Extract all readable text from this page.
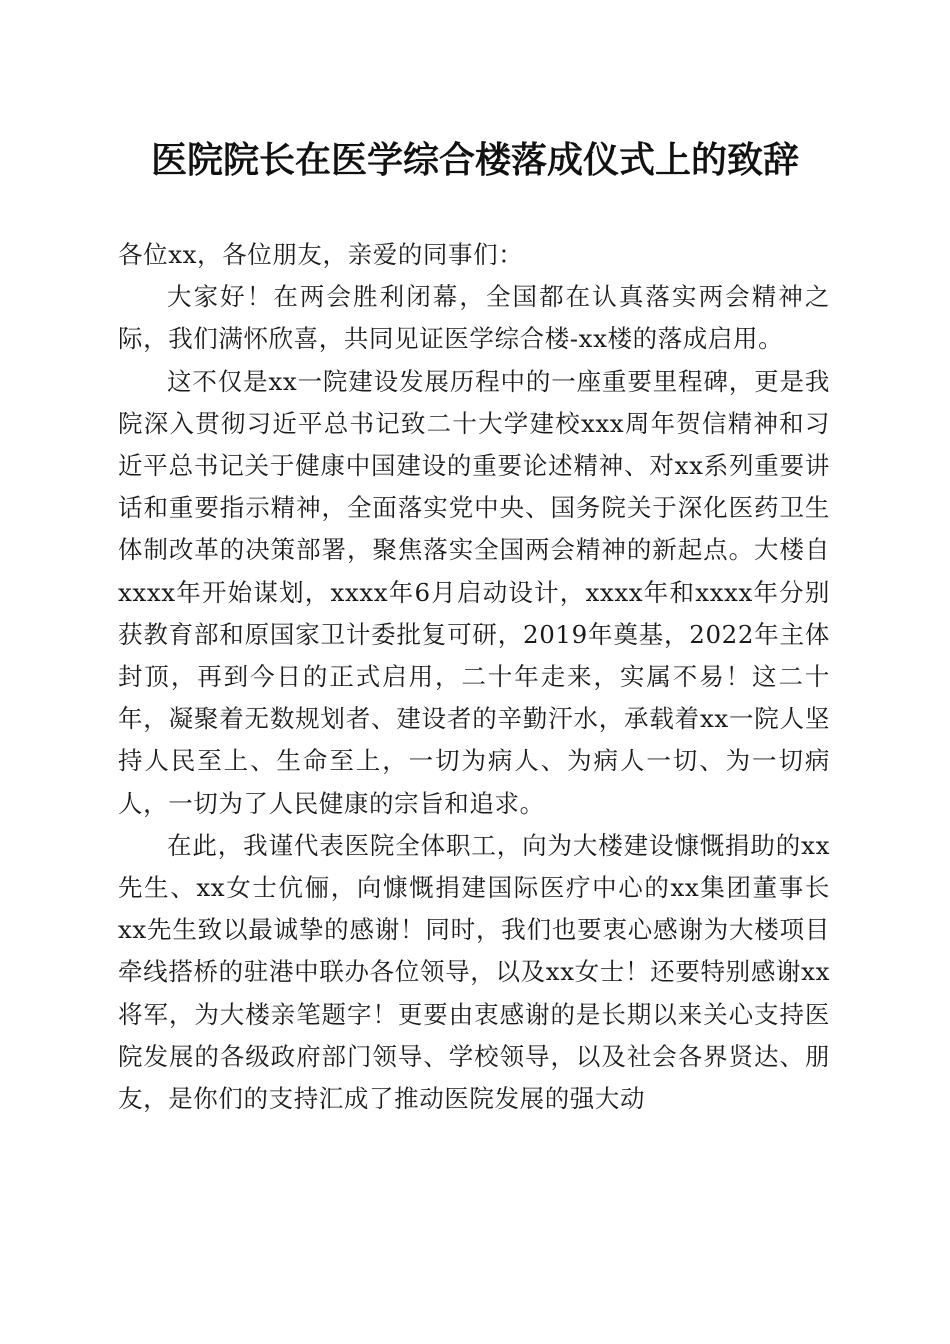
医院院长在医学综合楼落成仪式上的致辞

各位xx，各位朋友，亲爱的同事们：

大家好！在两会胜利闭幕，全国都在认真落实两会精神之际，我们满怀欣喜，共同见证医学综合楼-xx楼的落成启用。

这不仅是xx一院建设发展历程中的一座重要里程碑，更是我院深入贯彻习近平总书记致二十大学建校xxx周年贺信精神和习近平总书记关于健康中国建设的重要论述精神、对xx系列重要讲话和重要指示精神，全面落实党中央、国务院关于深化医药卫生体制改革的决策部署，聚焦落实全国两会精神的新起点。大楼自xxxx年开始谋划，xxxx年6月启动设计，xxxx年和xxxx年分别获教育部和原国家卫计委批复可研，2019年奠基，2022年主体封顶，再到今日的正式启用，二十年走来，实属不易！这二十年，凝聚着无数规划者、建设者的辛勤汗水，承载着xx一院人坚持人民至上、生命至上，一切为病人、为病人一切、为一切病人，一切为了人民健康的宗旨和追求。

在此，我谨代表医院全体职工，向为大楼建设慷慨捐助的xx先生、xx女士伉俪，向慷慨捐建国际医疗中心的xx集团董事长xx先生致以最诚挚的感谢！同时，我们也要衷心感谢为大楼项目牵线搭桥的驻港中联办各位领导，以及xx女士！还要特别感谢xx将军，为大楼亲笔题字！更要由衷感谢的是长期以来关心支持医院发展的各级政府部门领导、学校领导，以及社会各界贤达、朋友，是你们的支持汇成了推动医院发展的强大动
